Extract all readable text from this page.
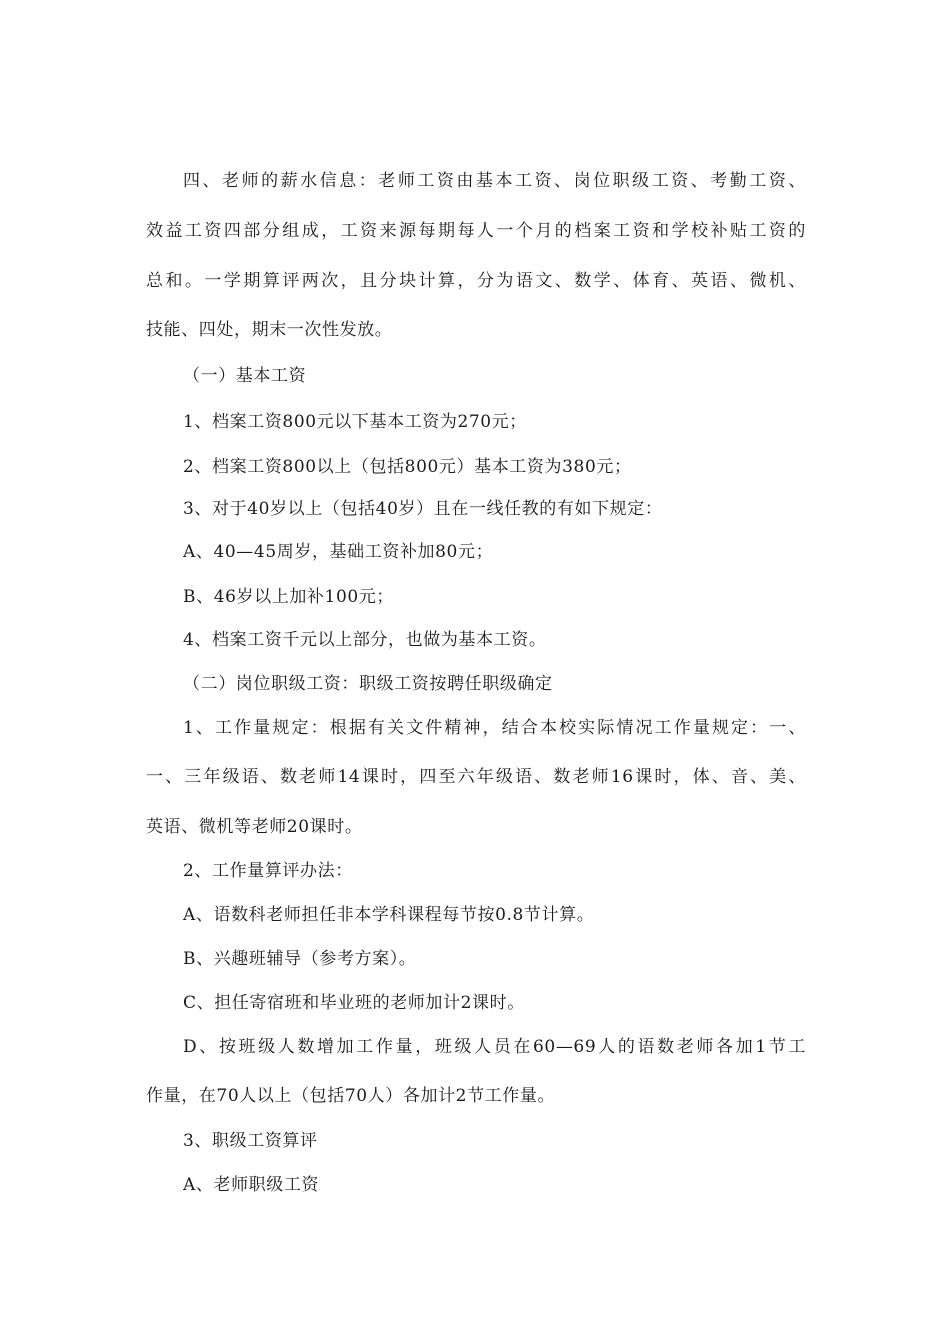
四、老师的薪水信息：老师工资由基本工资、岗位职级工资、考勤工资、
效益工资四部分组成，工资来源每期每人一个月的档案工资和学校补贴工资的
总和。一学期算评两次，且分块计算，分为语文、数学、体育、英语、微机、
技能、四处，期末一次性发放。
（一）基本工资
1、档案工资800元以下基本工资为270元；
2、档案工资800以上（包括800元）基本工资为380元；
3、对于40岁以上（包括40岁）且在一线任教的有如下规定：
A、40—45周岁，基础工资补加80元；
B、46岁以上加补100元；
4、档案工资千元以上部分，也做为基本工资。
（二）岗位职级工资：职级工资按聘任职级确定
1、工作量规定：根据有关文件精神，结合本校实际情况工作量规定：一、
一、三年级语、数老师14课时，四至六年级语、数老师16课时，体、音、美、
英语、微机等老师20课时。
2、工作量算评办法：
A、语数科老师担任非本学科课程每节按0.8节计算。
B、兴趣班辅导（参考方案）。
C、担任寄宿班和毕业班的老师加计2课时。
D、按班级人数增加工作量，班级人员在60—69人的语数老师各加1节工
作量，在70人以上（包括70人）各加计2节工作量。
3、职级工资算评
A、老师职级工资
